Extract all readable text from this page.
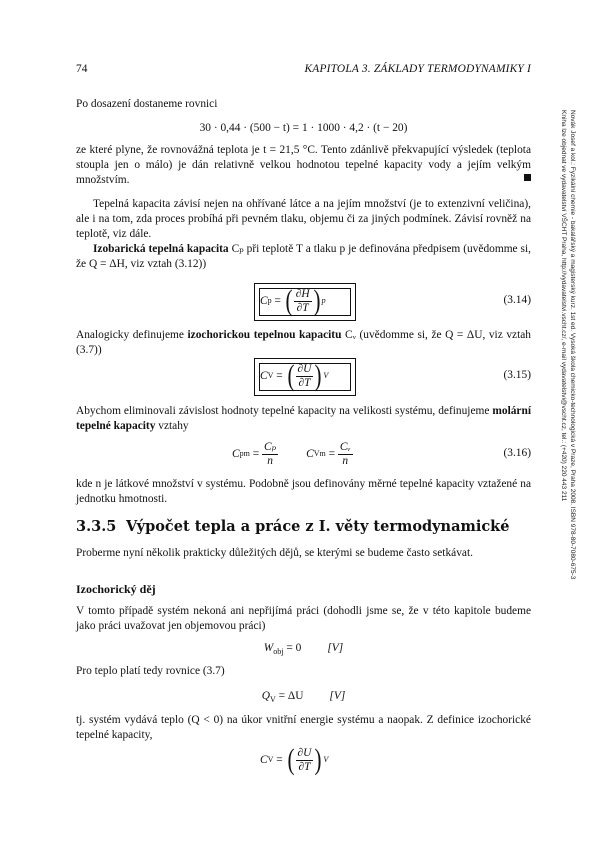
74	KAPITOLA 3. ZÁKLADY TERMODYNAMIKY I
Po dosazení dostaneme rovnici
30 · 0,44 · (500 − t) = 1 · 1000 · 4,2 · (t − 20)
ze které plyne, že rovnovážná teplota je t = 21,5 °C. Tento zdánlivě překvapující výsledek (teplota stoupla jen o málo) je dán relativně velkou hodnotou tepelné kapacity vody a jejím velkým množstvím.
Tepelná kapacita závisí nejen na ohřívané látce a na jejím množství (je to extenzivní veličina), ale i na tom, zda proces probíhá při pevném tlaku, objemu či za jiných podmínek. Závisí rovněž na teplotě, viz dále.
Izobarická tepelná kapacita Cₚ při teplotě T a tlaku p je definována předpisem (uvědomme si, že Q = ΔH, viz vztah (3.12))
C p = ( $\frac{\partial H}{\partial T}$ ) p	(3.14)
Analogicky definujeme izochorickou tepelnou kapacitu Cᵥ (uvědomme si, že Q = ΔU, viz vztah (3.7))
C V = ( $\frac{\partial U}{\partial T}$ ) V	(3.15)
Abychom eliminovali závislost hodnoty tepelné kapacity na velikosti systému, definujeme molární tepelné kapacity vztahy
C pm = $\frac{\text{Cₚ}}{n}$ C $Vm = \frac{\text{Cᵥ}}{n}$	(3.16)
kde n je látkové množství v systému. Podobně jsou definovány měrné tepelné kapacity vztažené na jednotku hmotnosti.
3.3.5 Výpočet tepla a práce z I. věty termodynamické
Proberme nyní několik prakticky důležitých dějů, se kterými se budeme často setkávat.
Izochorický děj
V tomto případě systém nekoná ani nepřijímá práci (dohodli jsme se, že v této kapitole budeme jako práci uvažovat jen objemovou práci)
$W_{obj} = 0$ [V]
Pro teplo platí tedy rovnice (3.7)
$Q_V = \Delta U$ [V]
tj. systém vydává teplo (Q < 0) na úkor vnitřní energie systému a naopak. Z definice izochorické tepelné kapacity,
C V = ( $\frac{\partial U}{\partial T}$ ) V
Novák Josef a kol.: Fyzikální chemie - bakalářský a magisterský kurz. 1st ed. Vysoká škola chemicko-technologická v Praze, Praha 2008. ISBN 978-80-7080-675-3
Kniha lze objednat ve vydavatelství VŠCHT Praha, http://vydavatelstvi.vscht.cz/, e-mail vydavatelstvi@vscht.cz, tel.: (+420) 220 443 211
